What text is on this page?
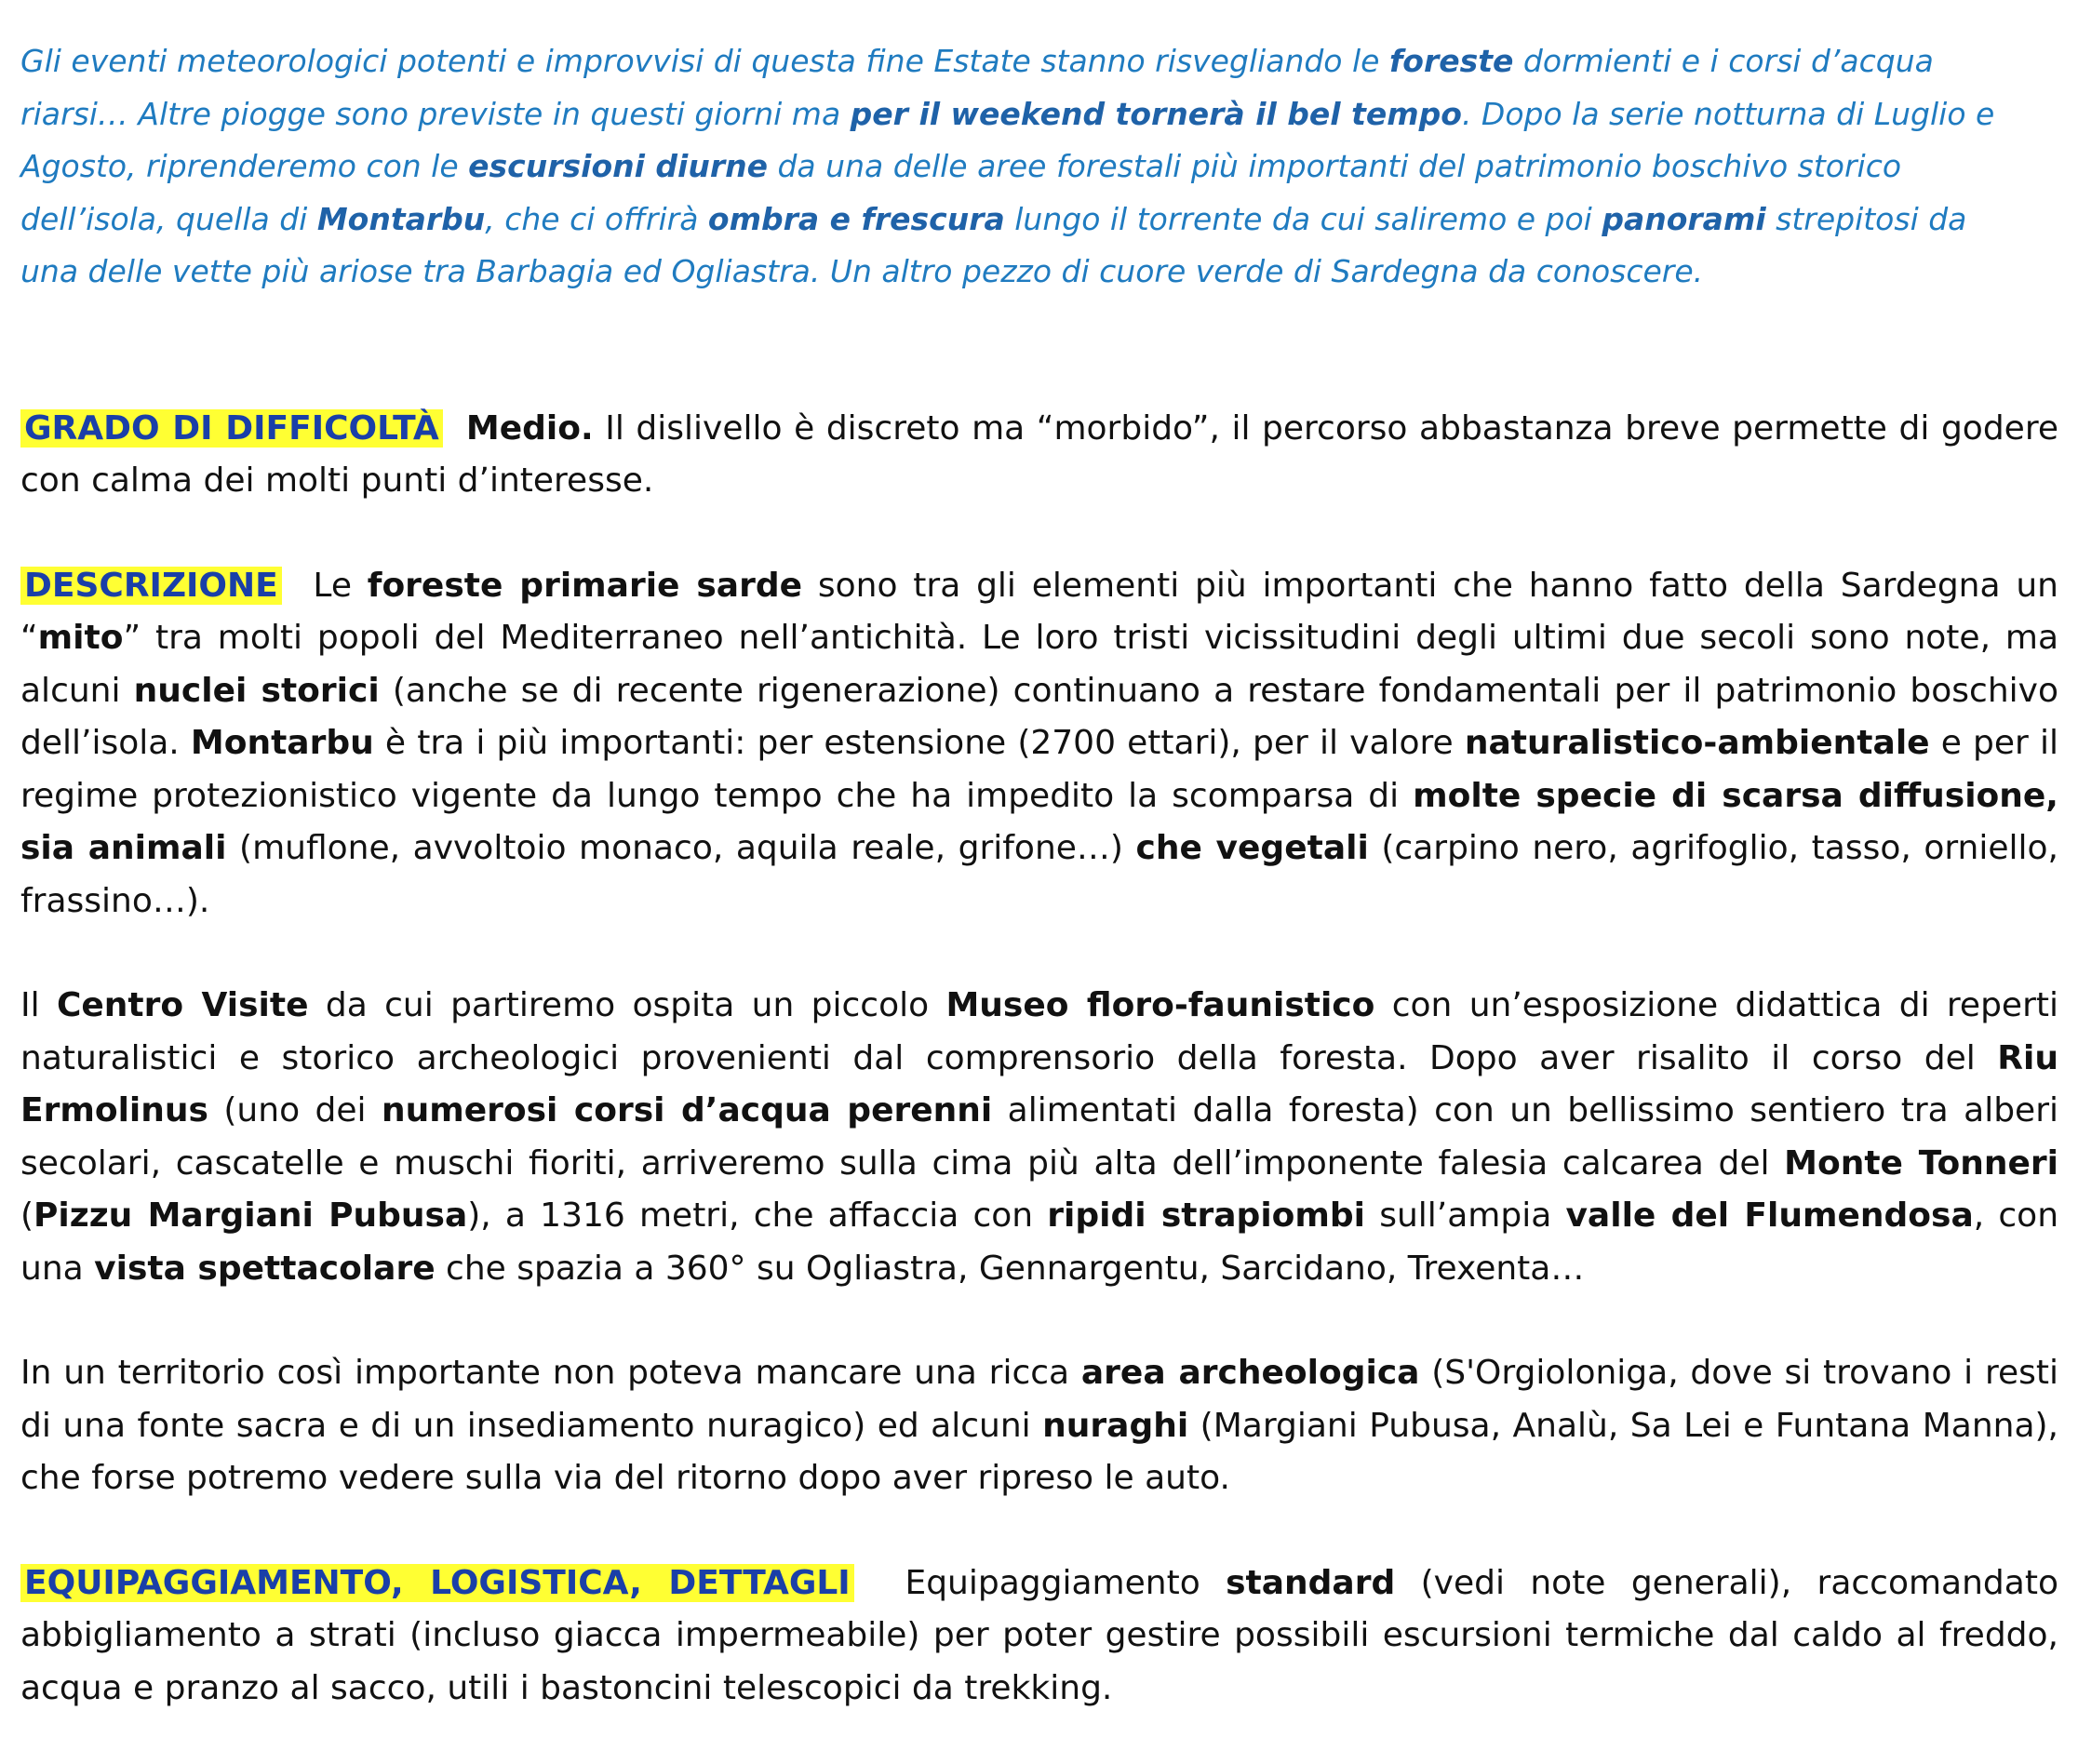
Gli eventi meteorologici potenti e improvvisi di questa fine Estate stanno risvegliando le foreste dormienti e i corsi d’acqua riarsi… Altre piogge sono previste in questi giorni ma per il weekend tornerà il bel tempo. Dopo la serie notturna di Luglio e Agosto, riprenderemo con le escursioni diurne da una delle aree forestali più importanti del patrimonio boschivo storico dell’isola, quella di Montarbu, che ci offrirà ombra e frescura lungo il torrente da cui saliremo e poi panorami strepitosi da una delle vette più ariose tra Barbagia ed Ogliastra. Un altro pezzo di cuore verde di Sardegna da conoscere.

GRADO DI DIFFICOLTÀ Medio. Il dislivello è discreto ma “morbido”, il percorso abbastanza breve permette di godere con calma dei molti punti d’interesse.

DESCRIZIONE Le foreste primarie sarde sono tra gli elementi più importanti che hanno fatto della Sardegna un “mito” tra molti popoli del Mediterraneo nell’antichità. Le loro tristi vicissitudini degli ultimi due secoli sono note, ma alcuni nuclei storici (anche se di recente rigenerazione) continuano a restare fondamentali per il patrimonio boschivo dell’isola. Montarbu è tra i più importanti: per estensione (2700 ettari), per il valore naturalistico-ambientale e per il regime protezionistico vigente da lungo tempo che ha impedito la scomparsa di molte specie di scarsa diffusione, sia animali (muflone, avvoltoio monaco, aquila reale, grifone…) che vegetali (carpino nero, agrifoglio, tasso, orniello, frassino…).

Il Centro Visite da cui partiremo ospita un piccolo Museo floro-faunistico con un’esposizione didattica di reperti naturalistici e storico archeologici provenienti dal comprensorio della foresta. Dopo aver risalito il corso del Riu Ermolinus (uno dei numerosi corsi d’acqua perenni alimentati dalla foresta) con un bellissimo sentiero tra alberi secolari, cascatelle e muschi fioriti, arriveremo sulla cima più alta dell’imponente falesia calcarea del Monte Tonneri (Pizzu Margiani Pubusa), a 1316 metri, che affaccia con ripidi strapiombi sull’ampia valle del Flumendosa, con una vista spettacolare che spazia a 360° su Ogliastra, Gennargentu, Sarcidano, Trexenta…

In un territorio così importante non poteva mancare una ricca area archeologica (S'Orgioloniga, dove si trovano i resti di una fonte sacra e di un insediamento nuragico) ed alcuni nuraghi (Margiani Pubusa, Analù, Sa Lei e Funtana Manna), che forse potremo vedere sulla via del ritorno dopo aver ripreso le auto.

EQUIPAGGIAMENTO, LOGISTICA, DETTAGLI Equipaggiamento standard (vedi note generali), raccomandato abbigliamento a strati (incluso giacca impermeabile) per poter gestire possibili escursioni termiche dal caldo al freddo, acqua e pranzo al sacco, utili i bastoncini telescopici da trekking.
